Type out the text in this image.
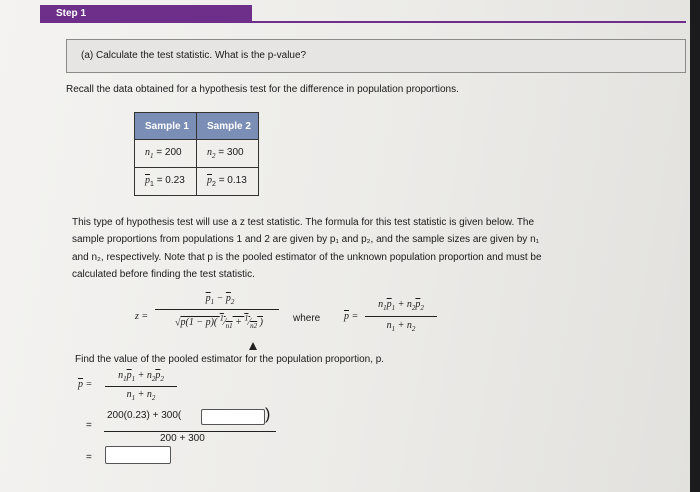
Step 1
(a) Calculate the test statistic. What is the p-value?
Recall the data obtained for a hypothesis test for the difference in population proportions.
Sample 1	Sample 2
$n_1 = 200$	$n_2 = 300$
$\overline{p}_1 = 0.23$	$\overline{p}_2 = 0.13$
This type of hypothesis test will use a z test statistic. The formula for this test statistic is given below. The
sample proportions from populations 1 and 2 are given by p₁ and p₂, and the sample sizes are given by n₁
and n₂, respectively. Note that p is the pooled estimator of the unknown population proportion and must be
calculated before finding the test statistic.
z =
$\overline{p}_1 - \overline{p}_2$
√p(1 − p)( $^1⁄_{n1}$ + $^1⁄_{n2}$ )	where $\overline{p}$ =
$n_1\overline{p}_1 + n_2\overline{p}_2$
$n_1 + n_2$
Find the value of the pooled estimator for the population proportion, p.
$\overline{p}$ =
$n_1\overline{p}_1 + n_2\overline{p}_2$
$n_1 + n_2$
=
200(0.23) + 300(	)
200 + 300
=
